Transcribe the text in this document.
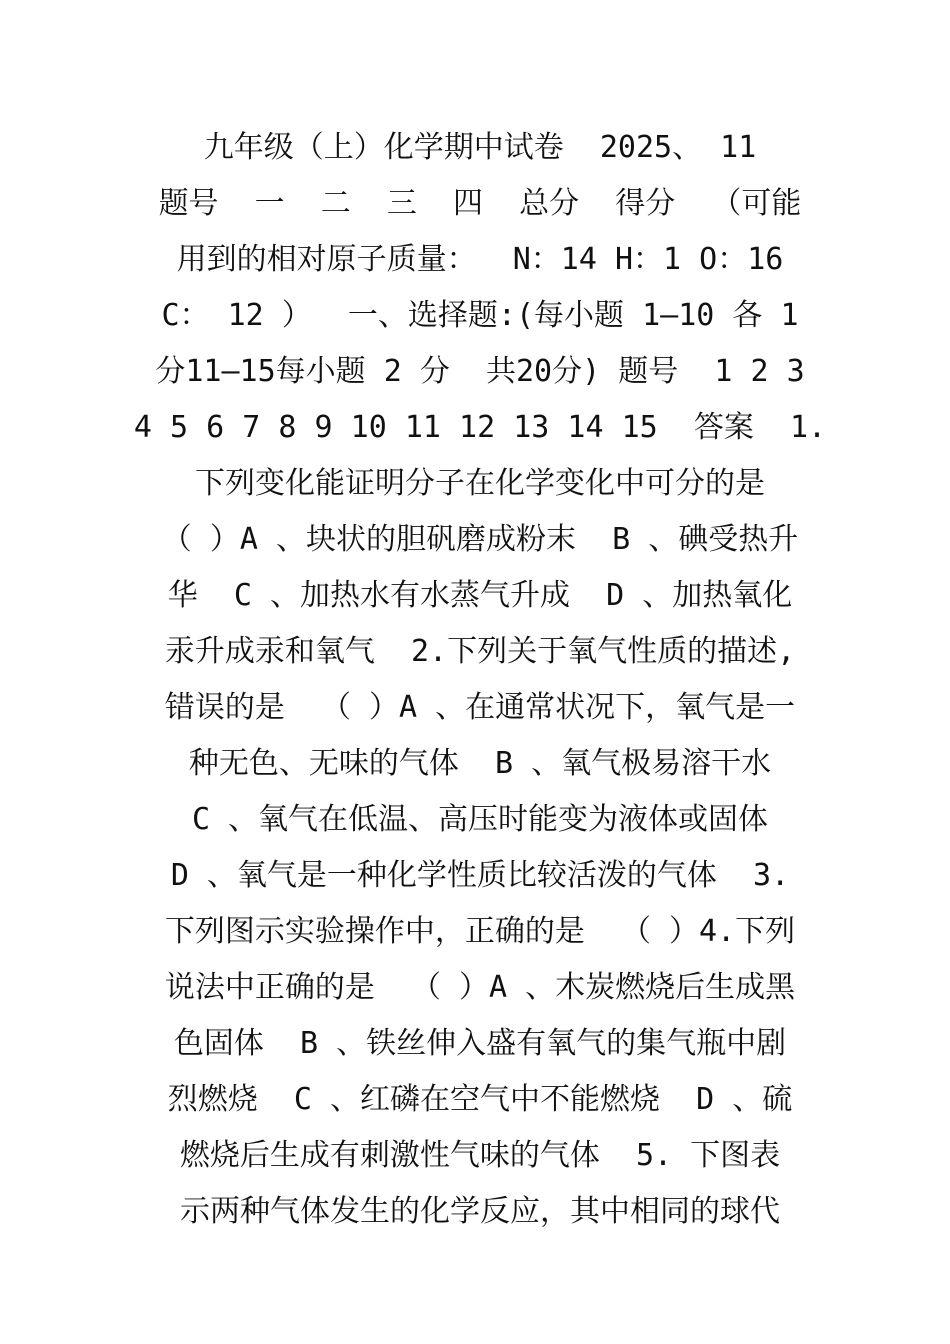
九年级（上）化学期中试卷  2025、 11
题号  一  二  三  四  总分  得分  （可能
用到的相对原子质量：  N：14 H：1 O：16
C： 12 ）  一、选择题:(每小题 1—10 各 1
分11—15每小题 2 分  共20分) 题号  1 2 3
4 5 6 7 8 9 10 11 12 13 14 15  答案  1.
下列变化能证明分子在化学变化中可分的是
（ ）A 、块状的胆矾磨成粉末  B 、碘受热升
华  C 、加热水有水蒸气升成  D 、加热氧化
汞升成汞和氧气  2.下列关于氧气性质的描述,
错误的是  （ ）A 、在通常状况下，氧气是一
种无色、无味的气体  B 、氧气极易溶干水
C 、氧气在低温、高压时能变为液体或固体
D 、氧气是一种化学性质比较活泼的气体  3.
下列图示实验操作中，正确的是  （ ）4.下列
说法中正确的是  （ ）A 、木炭燃烧后生成黑
色固体  B 、铁丝伸入盛有氧气的集气瓶中剧
烈燃烧  C 、红磷在空气中不能燃烧  D 、硫
燃烧后生成有刺激性气味的气体  5. 下图表
示两种气体发生的化学反应，其中相同的球代
